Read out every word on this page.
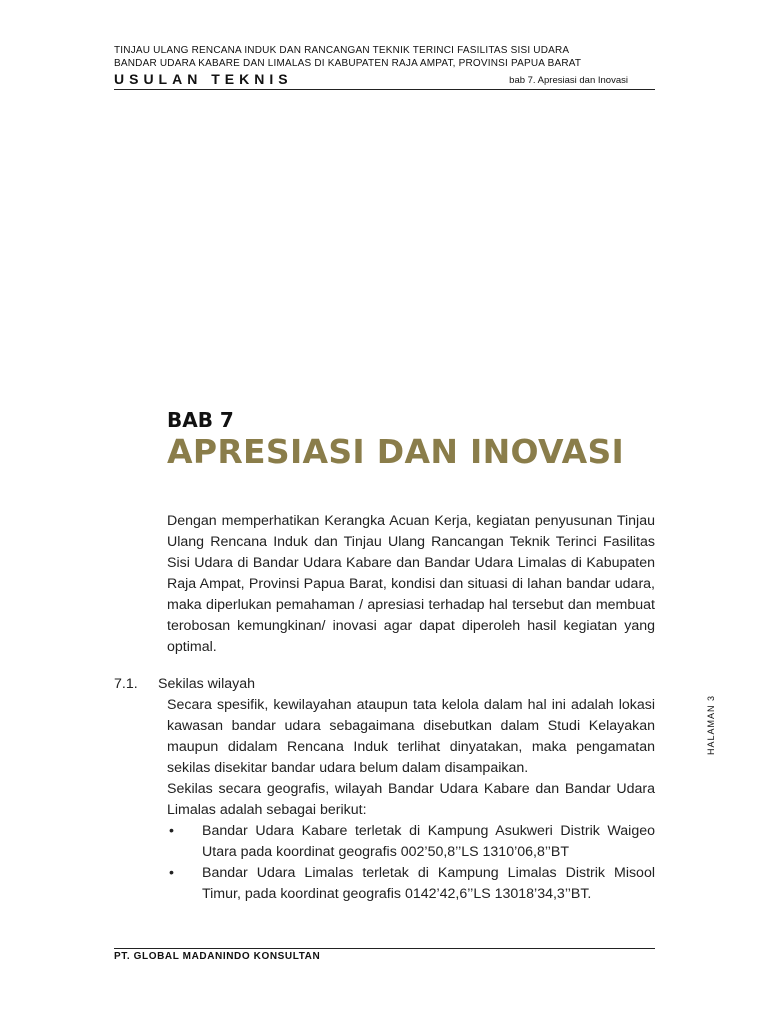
TINJAU ULANG RENCANA INDUK DAN RANCANGAN TEKNIK TERINCI FASILITAS SISI UDARA
BANDAR UDARA KABARE DAN LIMALAS DI KABUPATEN RAJA AMPAT, PROVINSI PAPUA BARAT
USULAN TEKNIS	bab 7. Apresiasi dan Inovasi
BAB 7
APRESIASI DAN INOVASI
Dengan memperhatikan Kerangka Acuan Kerja, kegiatan penyusunan Tinjau Ulang Rencana Induk dan Tinjau Ulang Rancangan Teknik Terinci Fasilitas Sisi Udara di Bandar Udara Kabare dan Bandar Udara Limalas di Kabupaten Raja Ampat, Provinsi Papua Barat, kondisi dan situasi di lahan bandar udara, maka diperlukan pemahaman / apresiasi terhadap hal tersebut dan membuat terobosan kemungkinan/ inovasi agar dapat diperoleh hasil kegiatan yang optimal.
7.1. Sekilas wilayah
Secara spesifik, kewilayahan ataupun tata kelola dalam hal ini adalah lokasi kawasan bandar udara sebagaimana disebutkan dalam Studi Kelayakan maupun didalam Rencana Induk terlihat dinyatakan, maka pengamatan sekilas disekitar bandar udara belum dalam disampaikan.
Sekilas secara geografis, wilayah Bandar Udara Kabare dan Bandar Udara Limalas adalah sebagai berikut:
• Bandar Udara Kabare terletak di Kampung Asukweri Distrik Waigeo Utara pada koordinat geografis 002’50,8’’LS 1310’06,8’’BT
• Bandar Udara Limalas terletak di Kampung Limalas Distrik Misool Timur, pada koordinat geografis 0142’42,6’’LS 13018’34,3’’BT.
HALAMAN 3
PT. GLOBAL MADANINDO KONSULTAN
